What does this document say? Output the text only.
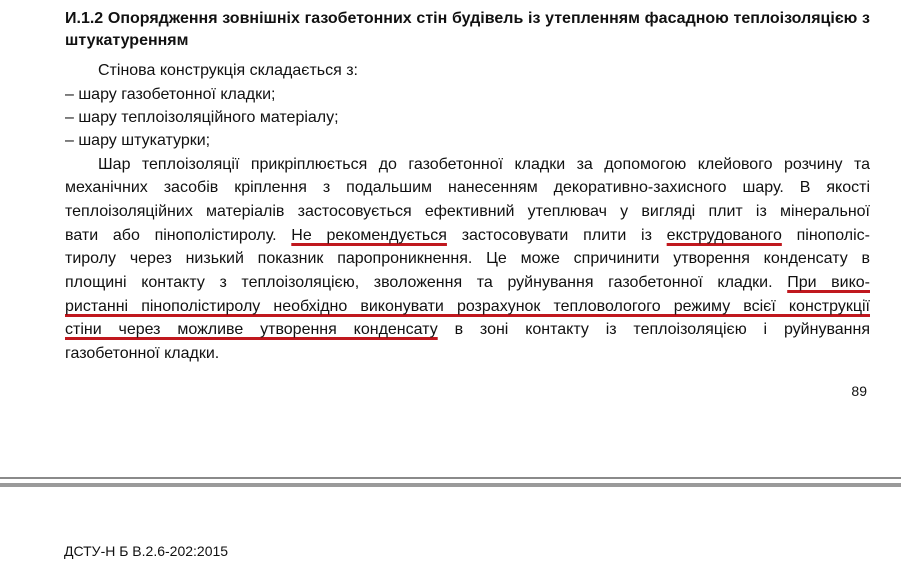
И.1.2 Опорядження зовнішніх газобетонних стін будівель із утепленням фасадною теплоізоляцією з штукатуренням
Стінова конструкція складається з:
– шару газобетонної кладки;
– шару теплоізоляційного матеріалу;
– шару штукатурки;
Шар теплоізоляції прикріплюється до газобетонної кладки за допомогою клейового розчину та
механічних засобів кріплення з подальшим нанесенням декоративно-захисного шару. В якості
теплоізоляційних матеріалів застосовується ефективний утеплювач у вигляді плит із мінеральної
вати або пінополістиролу. Не рекомендується застосовувати плити із екструдованого пінополіс-
тиролу через низький показник паропроникнення. Це може спричинити утворення конденсату в
площині контакту з теплоізоляцією, зволоження та руйнування газобетонної кладки. При вико-
ристанні пінополістиролу необхідно виконувати розрахунок тепловологого режиму всієї конструкції
стіни через можливе утворення конденсату в зоні контакту із теплоізоляцією і руйнування
газобетонної кладки.
89
ДСТУ-Н Б В.2.6-202:2015
